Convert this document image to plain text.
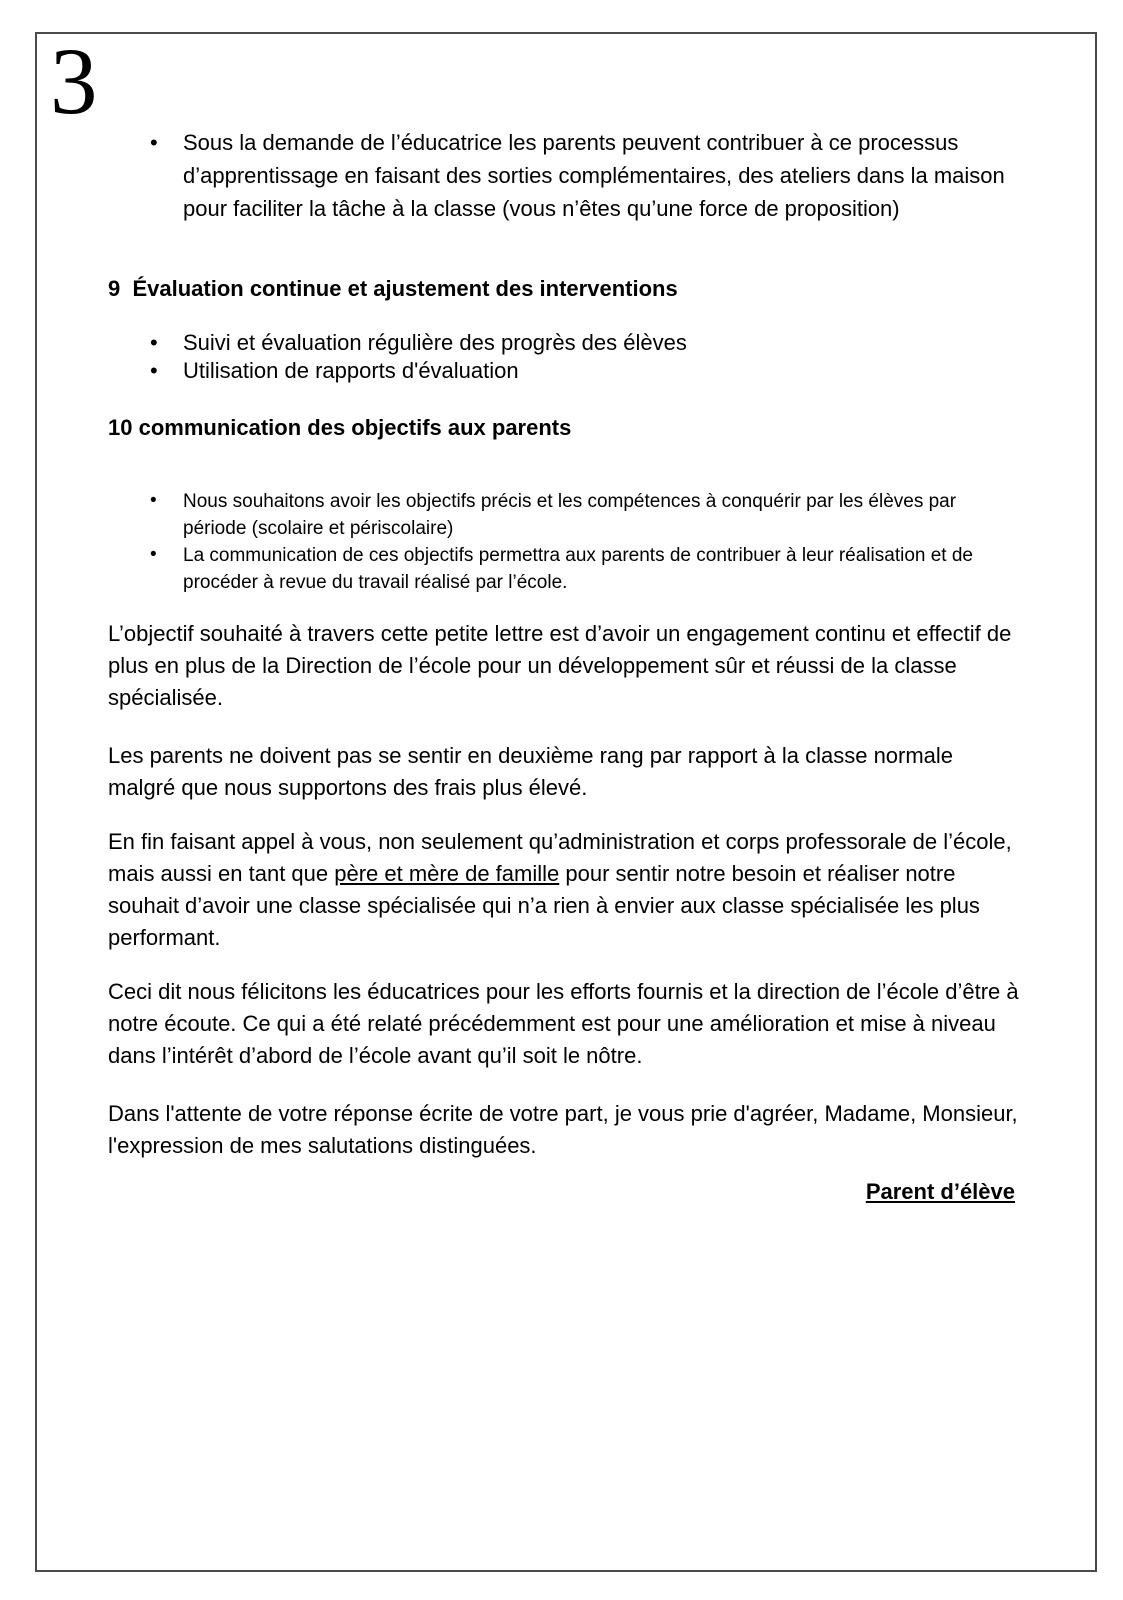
3
• Sous la demande de l’éducatrice les parents peuvent contribuer à ce processus d’apprentissage en faisant des sorties complémentaires, des ateliers dans la maison pour faciliter la tâche à la classe (vous n’êtes qu’une force de proposition)
9  Évaluation continue et ajustement des interventions
• Suivi et évaluation régulière des progrès des élèves
• Utilisation de rapports d'évaluation
10 communication des objectifs aux parents
• Nous souhaitons avoir les objectifs précis et les compétences à conquérir par les élèves par période (scolaire et périscolaire)
• La communication de ces objectifs permettra aux parents de contribuer à leur réalisation et de procéder à revue du travail réalisé par l’école.

L’objectif souhaité à travers cette petite lettre est d’avoir un engagement continu et effectif de plus en plus de la Direction de l’école pour un développement sûr et réussi de la classe spécialisée.

Les parents ne doivent pas se sentir en deuxième rang par rapport à la classe normale malgré que nous supportons des frais plus élevé.

En fin faisant appel à vous, non seulement qu’administration et corps professorale de l’école, mais aussi en tant que père et mère de famille pour sentir notre besoin et réaliser notre souhait d’avoir une classe spécialisée qui n’a rien à envier aux classe spécialisée les plus performant.

Ceci dit nous félicitons les éducatrices pour les efforts fournis et la direction de l’école d’être à notre écoute. Ce qui a été relaté précédemment est pour une amélioration et mise à niveau dans l’intérêt d’abord de l’école avant qu’il soit le nôtre.

Dans l'attente de votre réponse écrite de votre part, je vous prie d'agréer, Madame, Monsieur, l'expression de mes salutations distinguées.

Parent d’élève
